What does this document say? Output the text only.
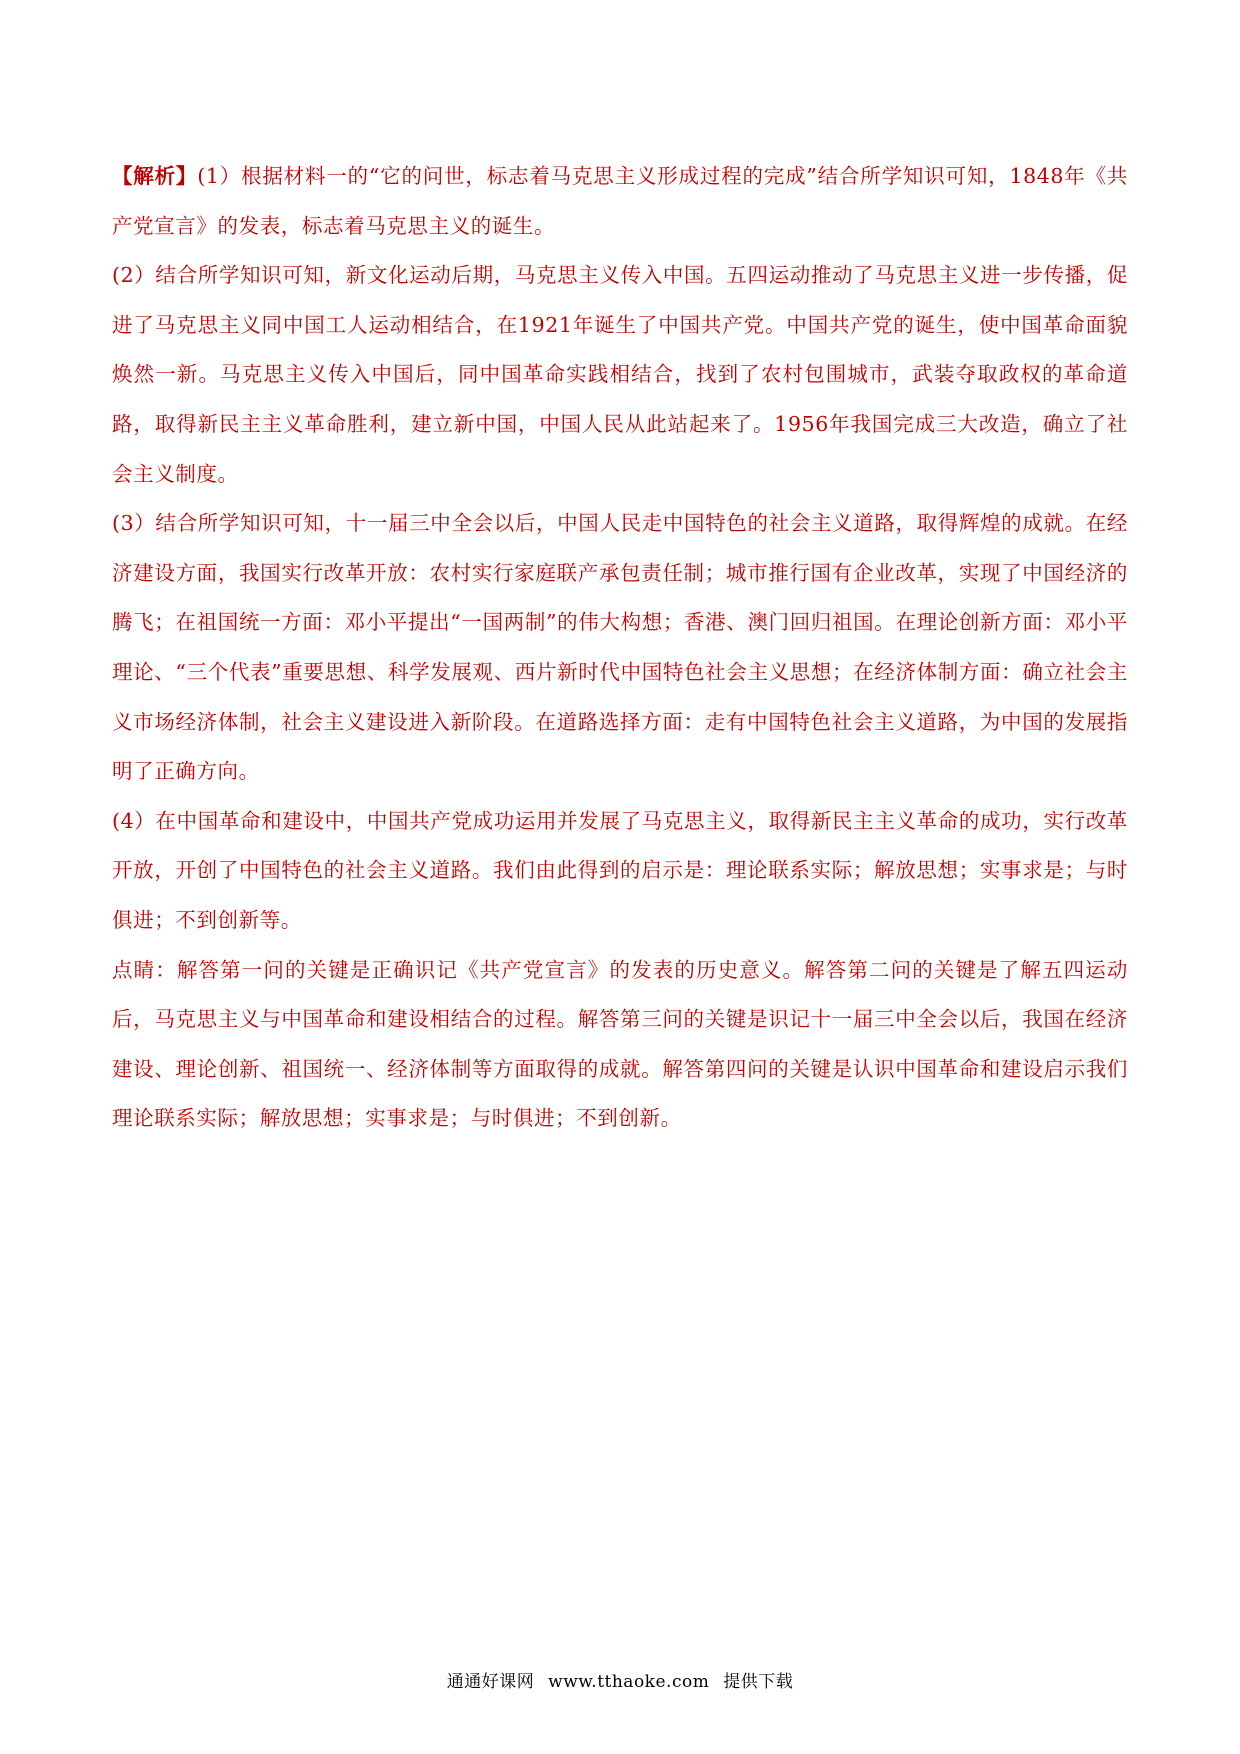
【解析】(1）根据材料一的“它的问世，标志着马克思主义形成过程的完成”结合所学知识可知，1848年《共产党宣言》的发表，标志着马克思主义的诞生。

(2）结合所学知识可知，新文化运动后期，马克思主义传入中国。五四运动推动了马克思主义进一步传播，促进了马克思主义同中国工人运动相结合，在1921年诞生了中国共产党。中国共产党的诞生，使中国革命面貌焕然一新。马克思主义传入中国后，同中国革命实践相结合，找到了农村包围城市，武装夺取政权的革命道路，取得新民主主义革命胜利，建立新中国，中国人民从此站起来了。1956年我国完成三大改造，确立了社会主义制度。

(3）结合所学知识可知，十一届三中全会以后，中国人民走中国特色的社会主义道路，取得辉煌的成就。在经济建设方面，我国实行改革开放：农村实行家庭联产承包责任制；城市推行国有企业改革，实现了中国经济的腾飞；在祖国统一方面：邓小平提出“一国两制”的伟大构想；香港、澳门回归祖国。在理论创新方面：邓小平理论、“三个代表”重要思想、科学发展观、西片新时代中国特色社会主义思想；在经济体制方面：确立社会主义市场经济体制，社会主义建设进入新阶段。在道路选择方面：走有中国特色社会主义道路，为中国的发展指明了正确方向。

(4）在中国革命和建设中，中国共产党成功运用并发展了马克思主义，取得新民主主义革命的成功，实行改革开放，开创了中国特色的社会主义道路。我们由此得到的启示是：理论联系实际；解放思想；实事求是；与时俱进；不到创新等。

点睛：解答第一问的关键是正确识记《共产党宣言》的发表的历史意义。解答第二问的关键是了解五四运动后，马克思主义与中国革命和建设相结合的过程。解答第三问的关键是识记十一届三中全会以后，我国在经济建设、理论创新、祖国统一、经济体制等方面取得的成就。解答第四问的关键是认识中国革命和建设启示我们理论联系实际；解放思想；实事求是；与时俱进；不到创新。

通通好课网 www.tthaoke.com 提供下载
